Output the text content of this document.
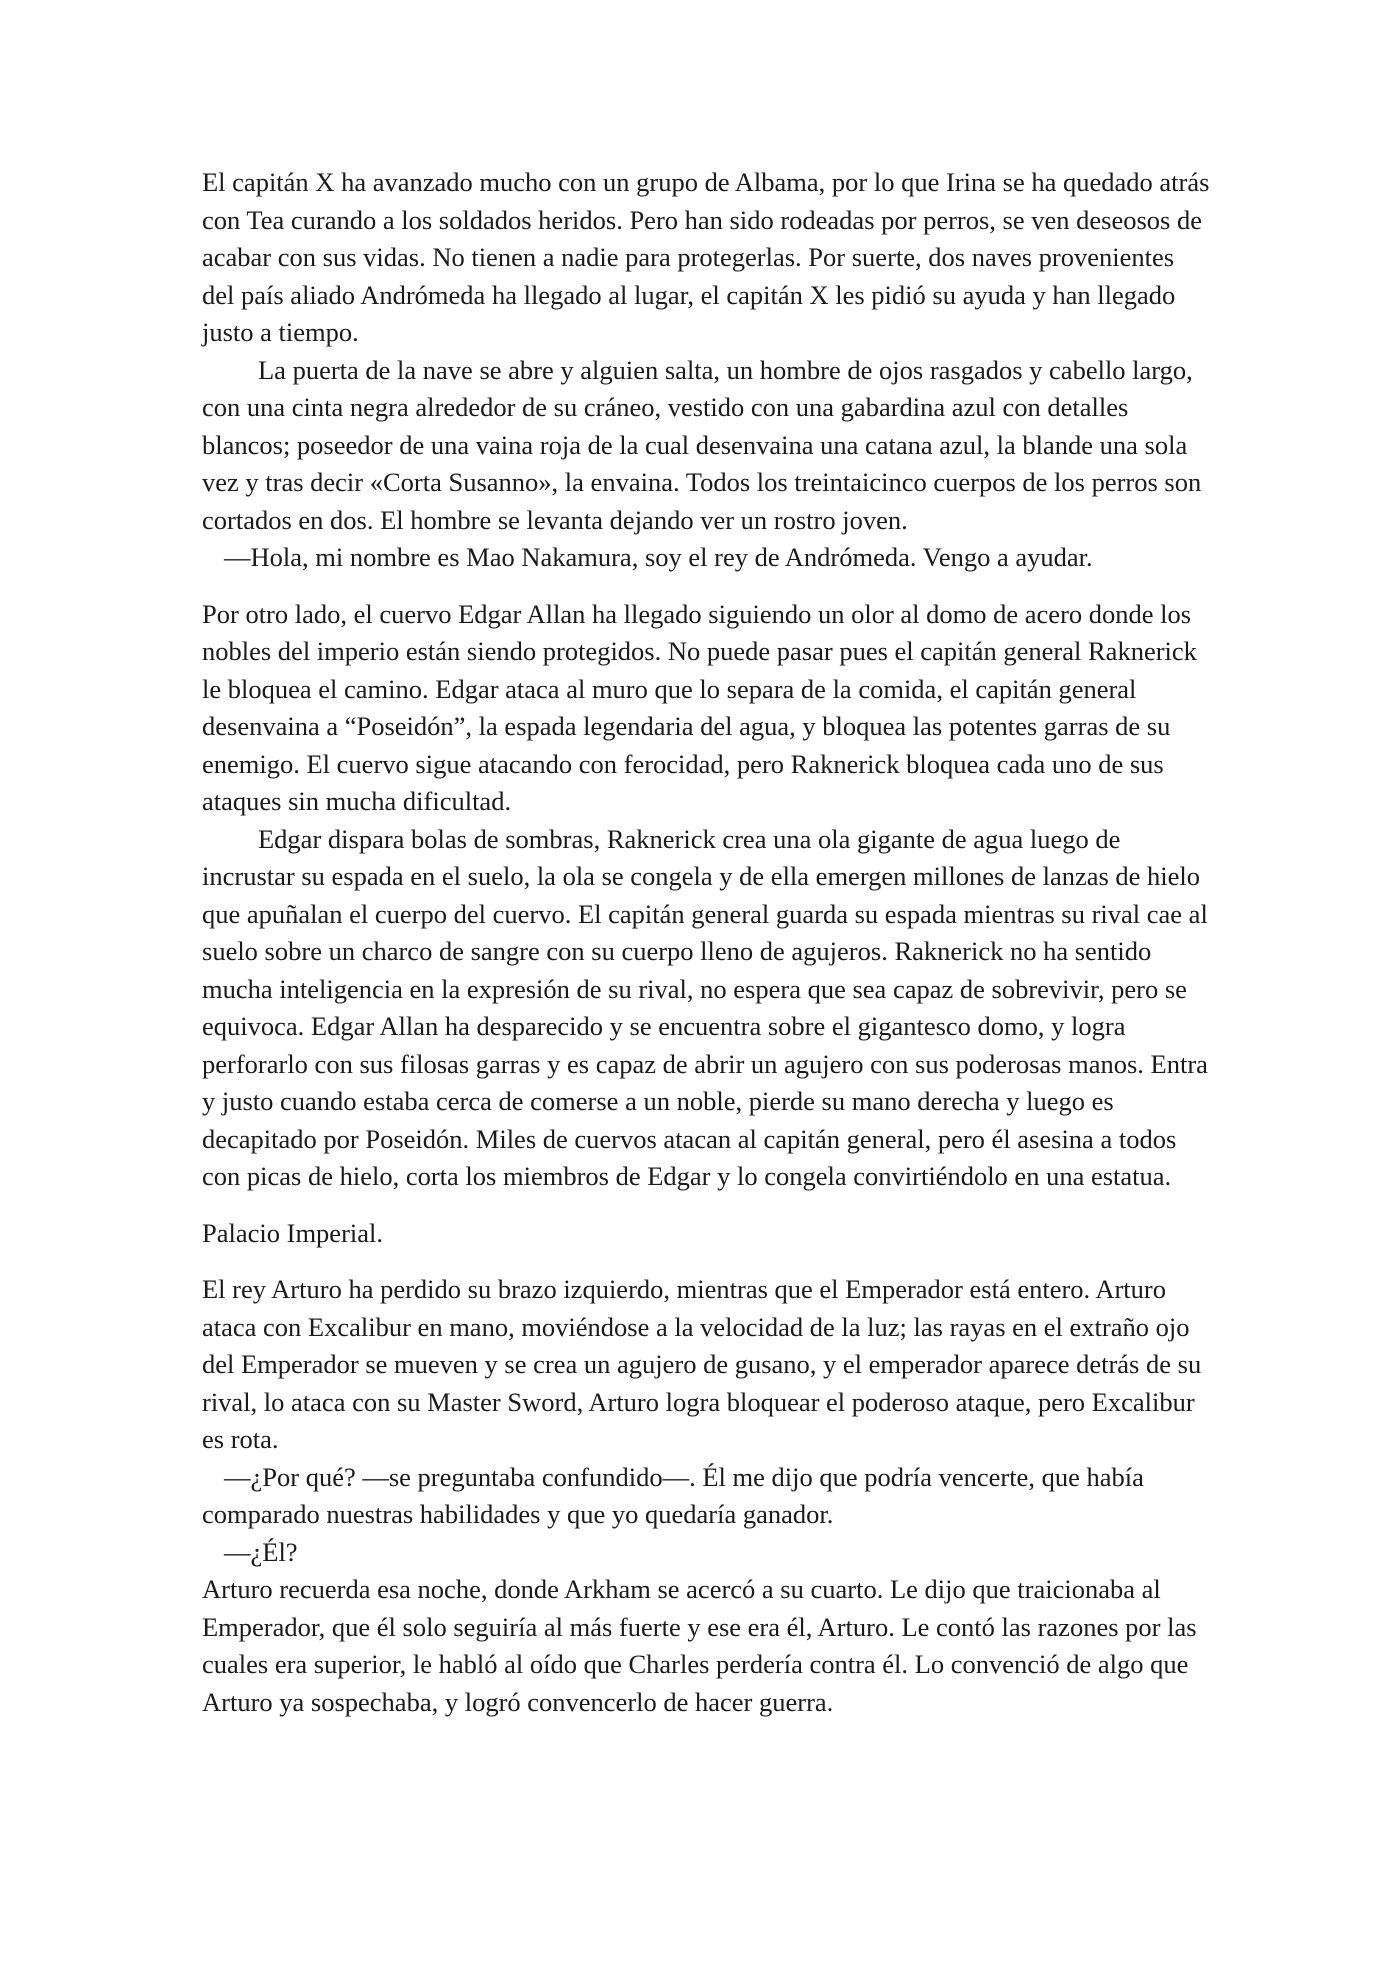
El capitán X ha avanzado mucho con un grupo de Albama, por lo que Irina se ha quedado atrás con Tea curando a los soldados heridos. Pero han sido rodeadas por perros, se ven deseosos de acabar con sus vidas. No tienen a nadie para protegerlas. Por suerte, dos naves provenientes del país aliado Andrómeda ha llegado al lugar, el capitán X les pidió su ayuda y han llegado justo a tiempo.

La puerta de la nave se abre y alguien salta, un hombre de ojos rasgados y cabello largo, con una cinta negra alrededor de su cráneo, vestido con una gabardina azul con detalles blancos; poseedor de una vaina roja de la cual desenvaina una catana azul, la blande una sola vez y tras decir «Corta Susanno», la envaina. Todos los treintaicinco cuerpos de los perros son cortados en dos. El hombre se levanta dejando ver un rostro joven.

—Hola, mi nombre es Mao Nakamura, soy el rey de Andrómeda. Vengo a ayudar.

Por otro lado, el cuervo Edgar Allan ha llegado siguiendo un olor al domo de acero donde los nobles del imperio están siendo protegidos. No puede pasar pues el capitán general Raknerick le bloquea el camino. Edgar ataca al muro que lo separa de la comida, el capitán general desenvaina a “Poseidón”, la espada legendaria del agua, y bloquea las potentes garras de su enemigo. El cuervo sigue atacando con ferocidad, pero Raknerick bloquea cada uno de sus ataques sin mucha dificultad.

Edgar dispara bolas de sombras, Raknerick crea una ola gigante de agua luego de incrustar su espada en el suelo, la ola se congela y de ella emergen millones de lanzas de hielo que apuñalan el cuerpo del cuervo. El capitán general guarda su espada mientras su rival cae al suelo sobre un charco de sangre con su cuerpo lleno de agujeros. Raknerick no ha sentido mucha inteligencia en la expresión de su rival, no espera que sea capaz de sobrevivir, pero se equivoca. Edgar Allan ha desparecido y se encuentra sobre el gigantesco domo, y logra perforarlo con sus filosas garras y es capaz de abrir un agujero con sus poderosas manos. Entra y justo cuando estaba cerca de comerse a un noble, pierde su mano derecha y luego es decapitado por Poseidón. Miles de cuervos atacan al capitán general, pero él asesina a todos con picas de hielo, corta los miembros de Edgar y lo congela convirtiéndolo en una estatua.

Palacio Imperial.

El rey Arturo ha perdido su brazo izquierdo, mientras que el Emperador está entero. Arturo ataca con Excalibur en mano, moviéndose a la velocidad de la luz; las rayas en el extraño ojo del Emperador se mueven y se crea un agujero de gusano, y el emperador aparece detrás de su rival, lo ataca con su Master Sword, Arturo logra bloquear el poderoso ataque, pero Excalibur es rota.

—¿Por qué? —se preguntaba confundido—. Él me dijo que podría vencerte, que había comparado nuestras habilidades y que yo quedaría ganador.

—¿Él?

Arturo recuerda esa noche, donde Arkham se acercó a su cuarto. Le dijo que traicionaba al Emperador, que él solo seguiría al más fuerte y ese era él, Arturo. Le contó las razones por las cuales era superior, le habló al oído que Charles perdería contra él. Lo convenció de algo que Arturo ya sospechaba, y logró convencerlo de hacer guerra.
